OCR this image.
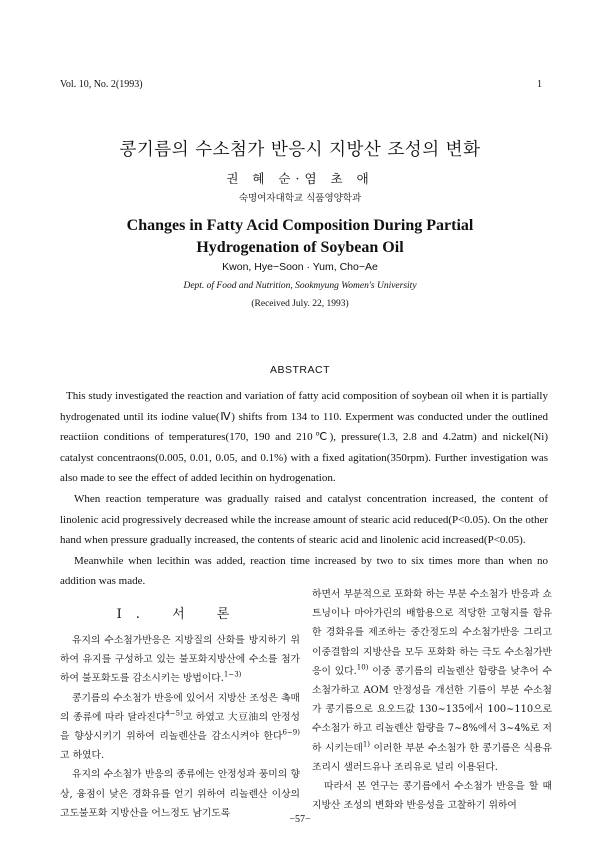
Vol. 10, No. 2(1993)	1
콩기름의 수소첨가 반응시 지방산 조성의 변화
권 혜 순·염 초 애
숙명여자대학교 식품영양학과
Changes in Fatty Acid Composition During Partial
Hydrogenation of Soybean Oil
Kwon, Hye−Soon · Yum, Cho−Ae
Dept. of Food and Nutrition, Sookmyung Women's University
(Received July. 22, 1993)
ABSTRACT

This study investigated the reaction and variation of fatty acid composition of soybean oil when it is partially hydrogenated until its iodine value(Ⅳ) shifts from 134 to 110. Experment was conducted under the outlined reactiion conditions of temperatures(170, 190 and 210℃), pressure(1.3, 2.8 and 4.2atm) and nickel(Ni) catalyst concentraons(0.005, 0.01, 0.05, and 0.1%) with a fixed agitation(350rpm). Further investigation was also made to see the effect of added lecithin on hydrogenation.

When reaction temperature was gradually raised and catalyst concentration increased, the content of linolenic acid progressively decreased while the increase amount of stearic acid reduced(P<0.05). On the other hand when pressure gradually increased, the contents of stearic acid and linolenic acid increased(P<0.05).

Meanwhile when lecithin was added, reaction time increased by two to six times more than when no addition was made.

Ⅰ. 서 론

유지의 수소첨가반응은 지방질의 산화를 방지하기 위하여 유지를 구성하고 있는 불포화지방산에 수소를 첨가하여 불포화도를 감소시키는 방법이다.$^{1-3)}$

콩기름의 수소첨가 반응에 있어서 지방산 조성은 촉매의 종류에 따라 달라진다$^{4-5)}$고 하였고 大豆油의 안정성을 향상시키기 위하여 리놀렌산을 감소시켜야 한다$^{6-9)}$고 하였다.

유지의 수소첨가 반응의 종류에는 안정성과 풍미의 향상, 융점이 낮은 경화유를 얻기 위하여 리놀렌산 이상의 고도불포화 지방산을 어느정도 남기도록

하면서 부분적으로 포화화 하는 부분 수소첨가 반응과 쇼트닝이나 마아가린의 배합용으로 적당한 고형지를 함유한 경화유를 제조하는 중간정도의 수소첨가반응 그리고 이중결합의 지방산을 모두 포화화 하는 극도 수소첨가반응이 있다.$^{10)}$ 이중 콩기름의 리놀렌산 함량을 낮추어 수소첨가하고 AOM 안정성을 개선한 기름이 부분 수소첨가 콩기름으로 요오드값 130∼135에서 100∼110으로 수소첨가 하고 리놀렌산 함량을 7∼8%에서 3∼4%로 저하 시키는데$^{1)}$ 이러한 부분 수소첨가 한 콩기름은 식용유 조리시 샐러드유나 조리유로 널리 이용된다.

따라서 본 연구는 콩기름에서 수소첨가 반응을 할 때 지방산 조성의 변화와 반응성을 고찰하기 위하여

−57−
